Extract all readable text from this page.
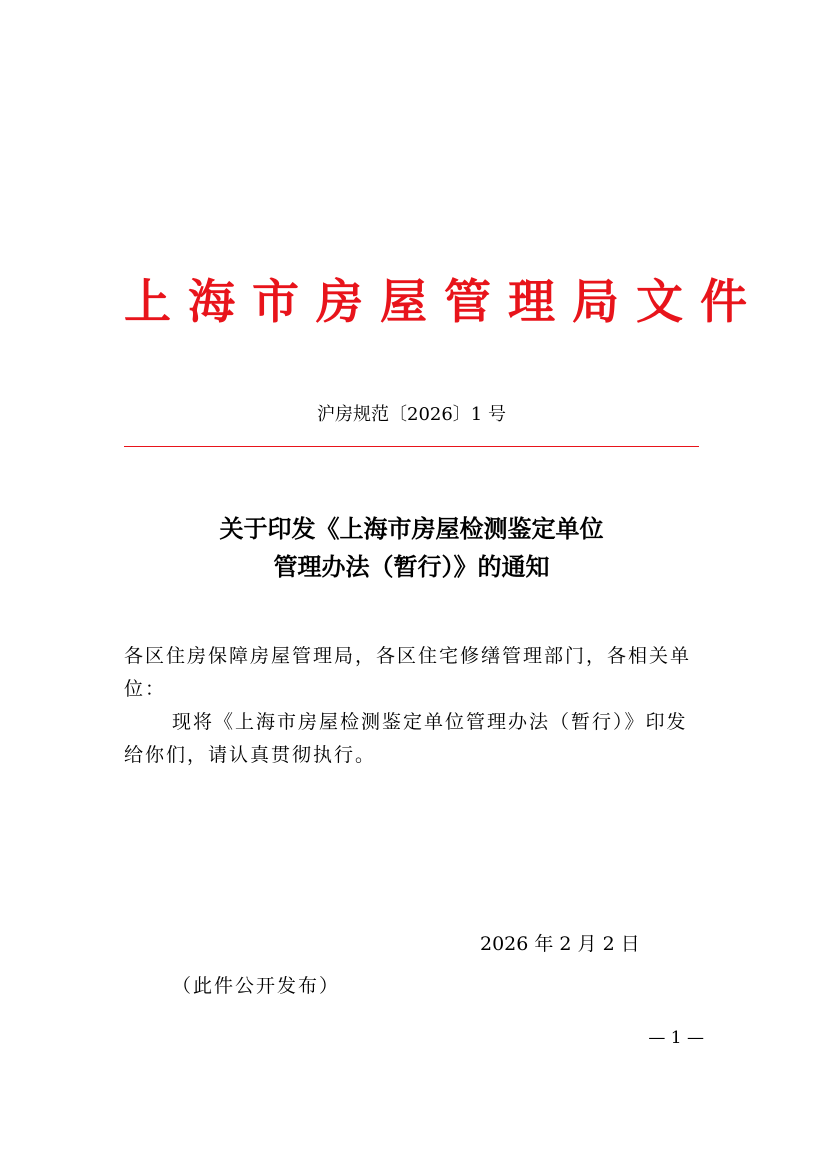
上海市房屋管理局文件
沪房规范〔2026〕1 号
关于印发《上海市房屋检测鉴定单位
管理办法（暂行）》的通知

各区住房保障房屋管理局，各区住宅修缮管理部门，各相关单位：

现将《上海市房屋检测鉴定单位管理办法（暂行）》印发给你们，请认真贯彻执行。

2026 年 2 月 2 日
（此件公开发布）
— 1 —
